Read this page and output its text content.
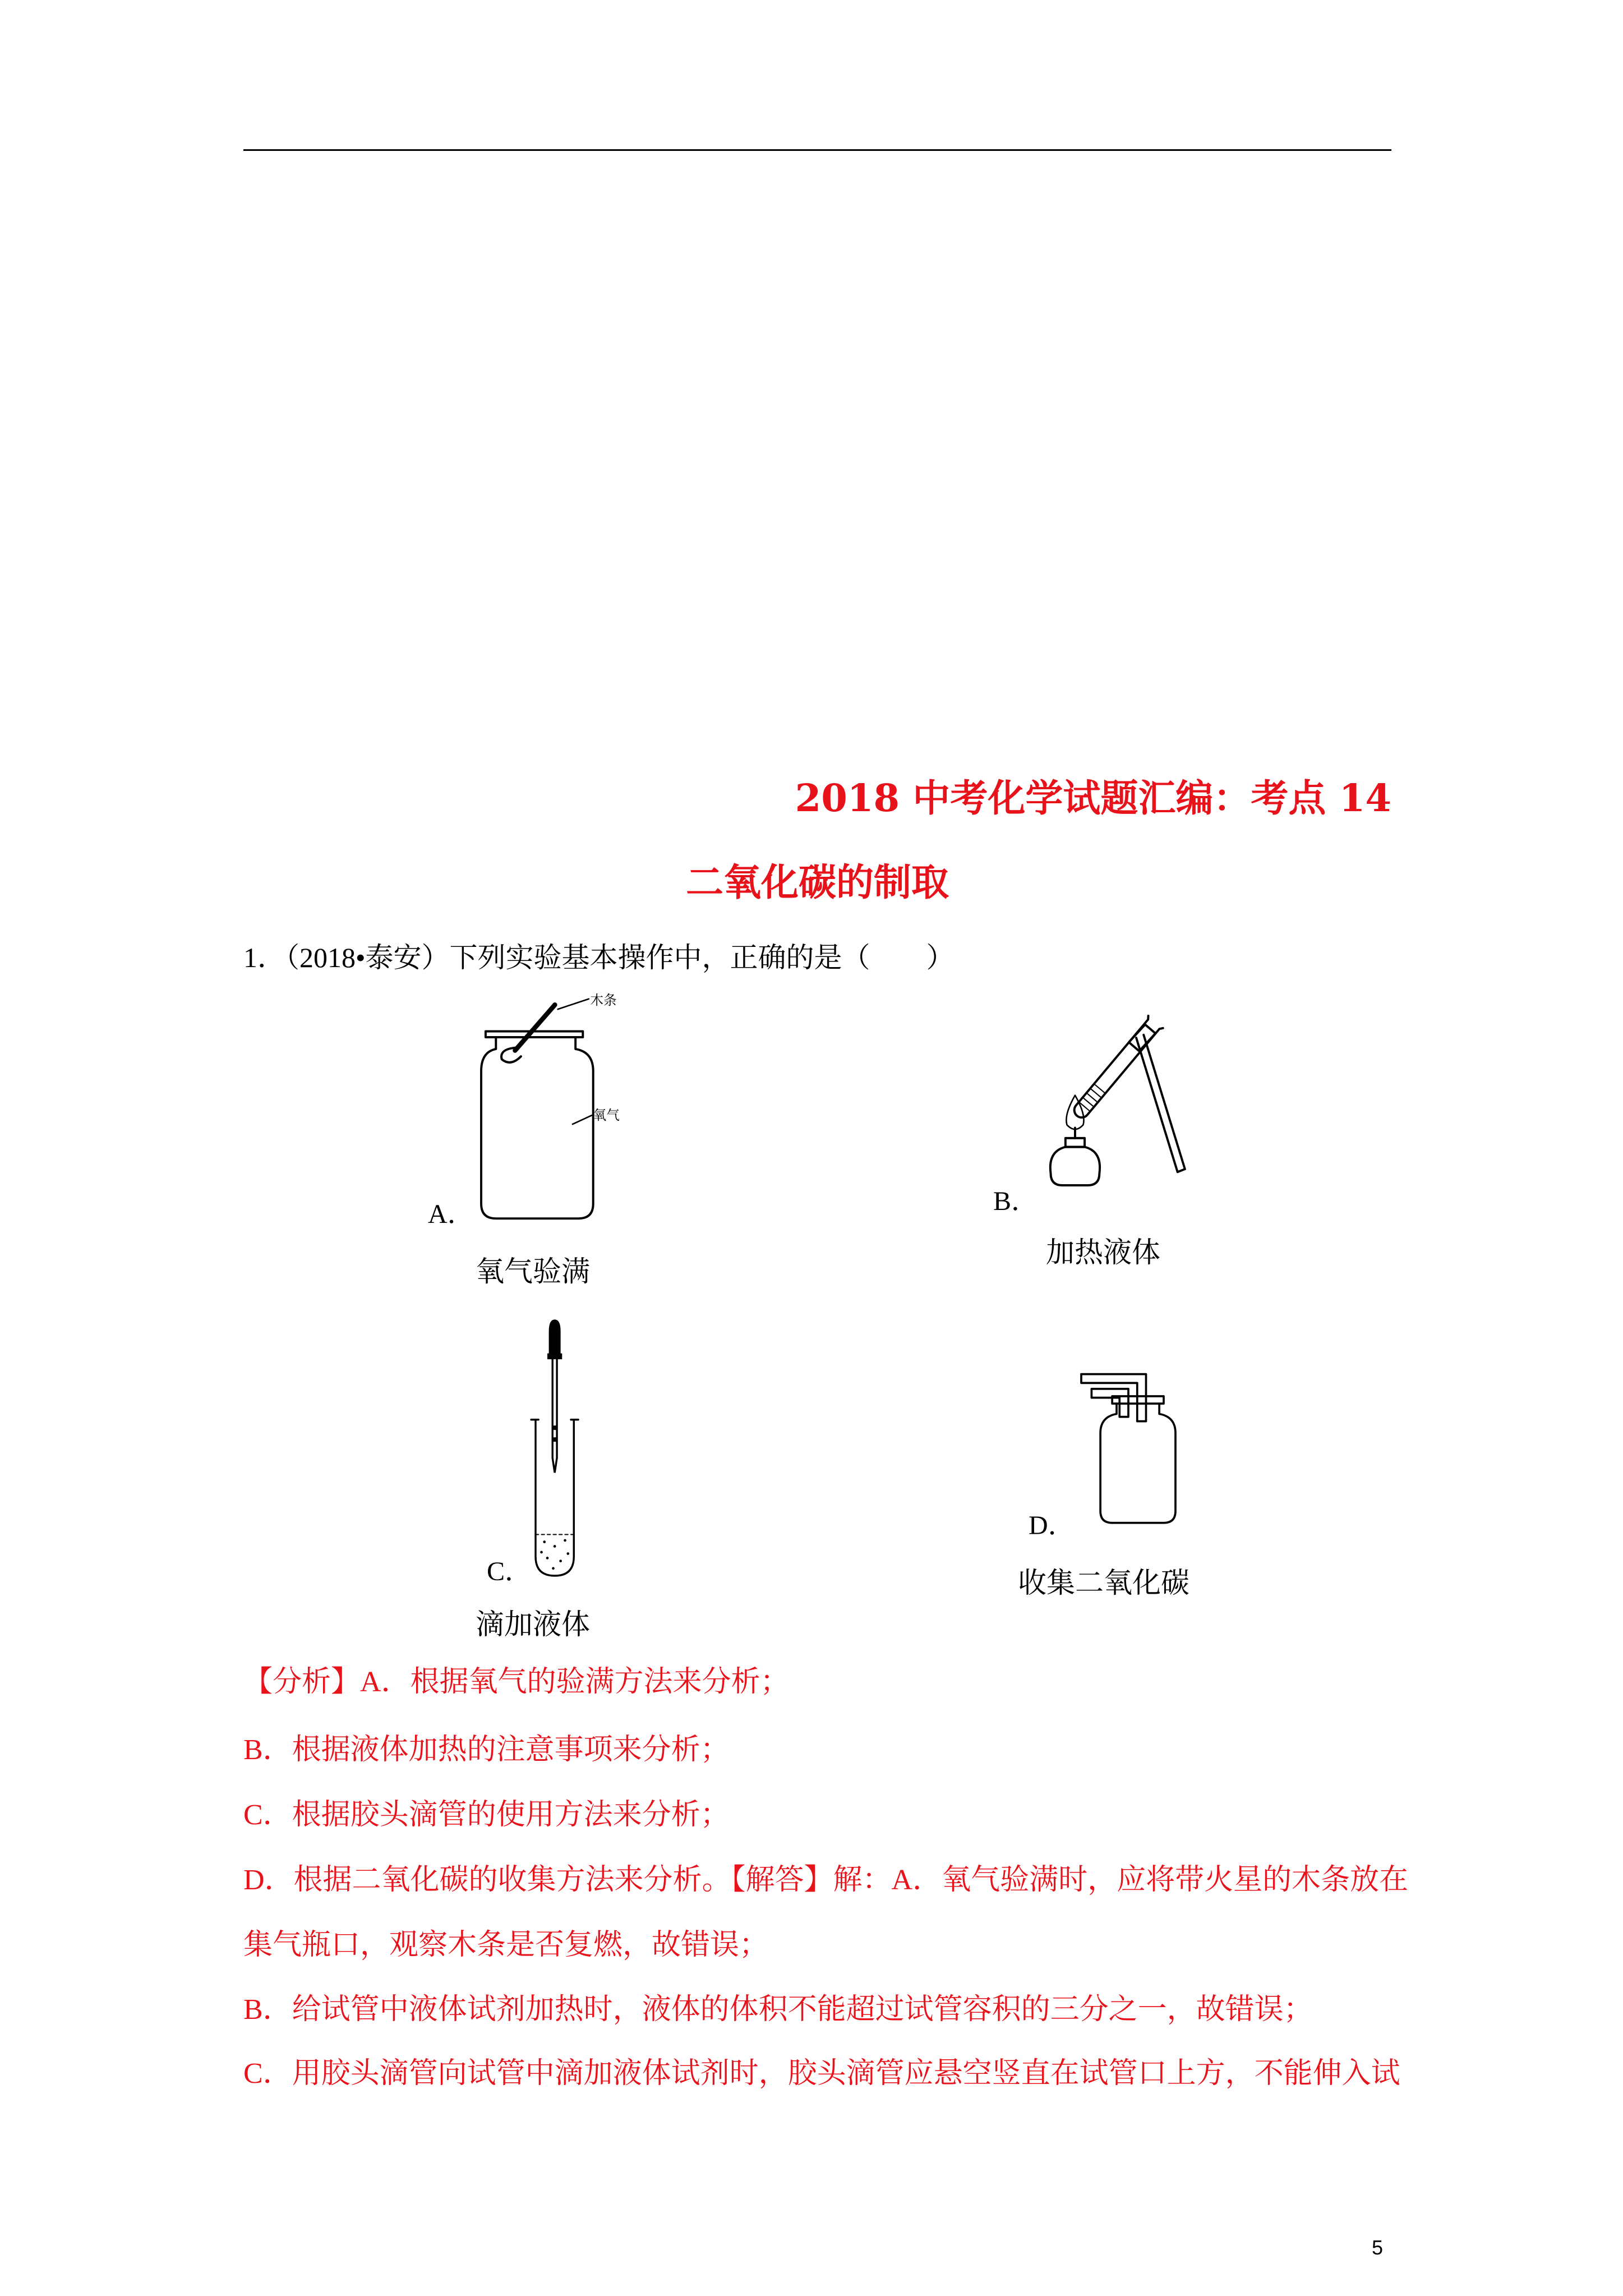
2018 中考化学试题汇编：考点 14
二氧化碳的制取
1．（2018•泰安）下列实验基本操作中，正确的是（　　）
木条
氧气
A．
氧气验满
B．
加热液体
C．
滴加液体
D．
收集二氧化碳
【分析】A．根据氧气的验满方法来分析；
B．根据液体加热的注意事项来分析；
C．根据胶头滴管的使用方法来分析；
D．根据二氧化碳的收集方法来分析。【解答】解：A．氧气验满时，应将带火星的木条放在
集气瓶口，观察木条是否复燃，故错误；
B．给试管中液体试剂加热时，液体的体积不能超过试管容积的三分之一，故错误；
C．用胶头滴管向试管中滴加液体试剂时，胶头滴管应悬空竖直在试管口上方，不能伸入试
5
